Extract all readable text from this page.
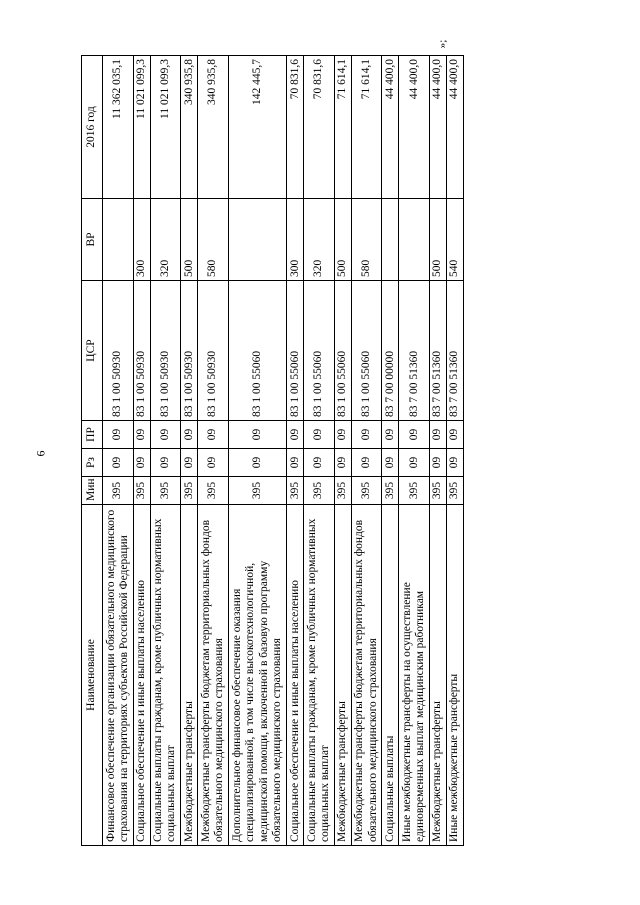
6
»;
Наименование	Мин	Рз	ПР	ЦСР	ВР	2016 год
Финансовое обеспечение организации обязательного медицинского страхования на территориях субъектов Российской Федерации	395	09	09	83 1 00 50930		11 362 035,1
Социальное обеспечение и иные выплаты населению	395	09	09	83 1 00 50930	300	11 021 099,3
Социальные выплаты гражданам, кроме публичных нормативных социальных выплат	395	09	09	83 1 00 50930	320	11 021 099,3
Межбюджетные трансферты	395	09	09	83 1 00 50930	500	340 935,8
Межбюджетные трансферты бюджетам территориальных фондов обязательного медицинского страхования	395	09	09	83 1 00 50930	580	340 935,8
Дополнительное финансовое обеспечение оказания специализированной, в том числе высокотехнологичной, медицинской помощи, включенной в базовую программу обязательного медицинского страхования	395	09	09	83 1 00 55060		142 445,7
Социальное обеспечение и иные выплаты населению	395	09	09	83 1 00 55060	300	70 831,6
Социальные выплаты гражданам, кроме публичных нормативных социальных выплат	395	09	09	83 1 00 55060	320	70 831,6
Межбюджетные трансферты	395	09	09	83 1 00 55060	500	71 614,1
Межбюджетные трансферты бюджетам территориальных фондов обязательного медицинского страхования	395	09	09	83 1 00 55060	580	71 614,1
Социальные выплаты	395	09	09	83 7 00 00000		44 400,0
Иные межбюджетные трансферты на осуществление единовременных выплат медицинским работникам	395	09	09	83 7 00 51360		44 400,0
Межбюджетные трансферты	395	09	09	83 7 00 51360	500	44 400,0
Иные межбюджетные трансферты	395	09	09	83 7 00 51360	540	44 400,0
